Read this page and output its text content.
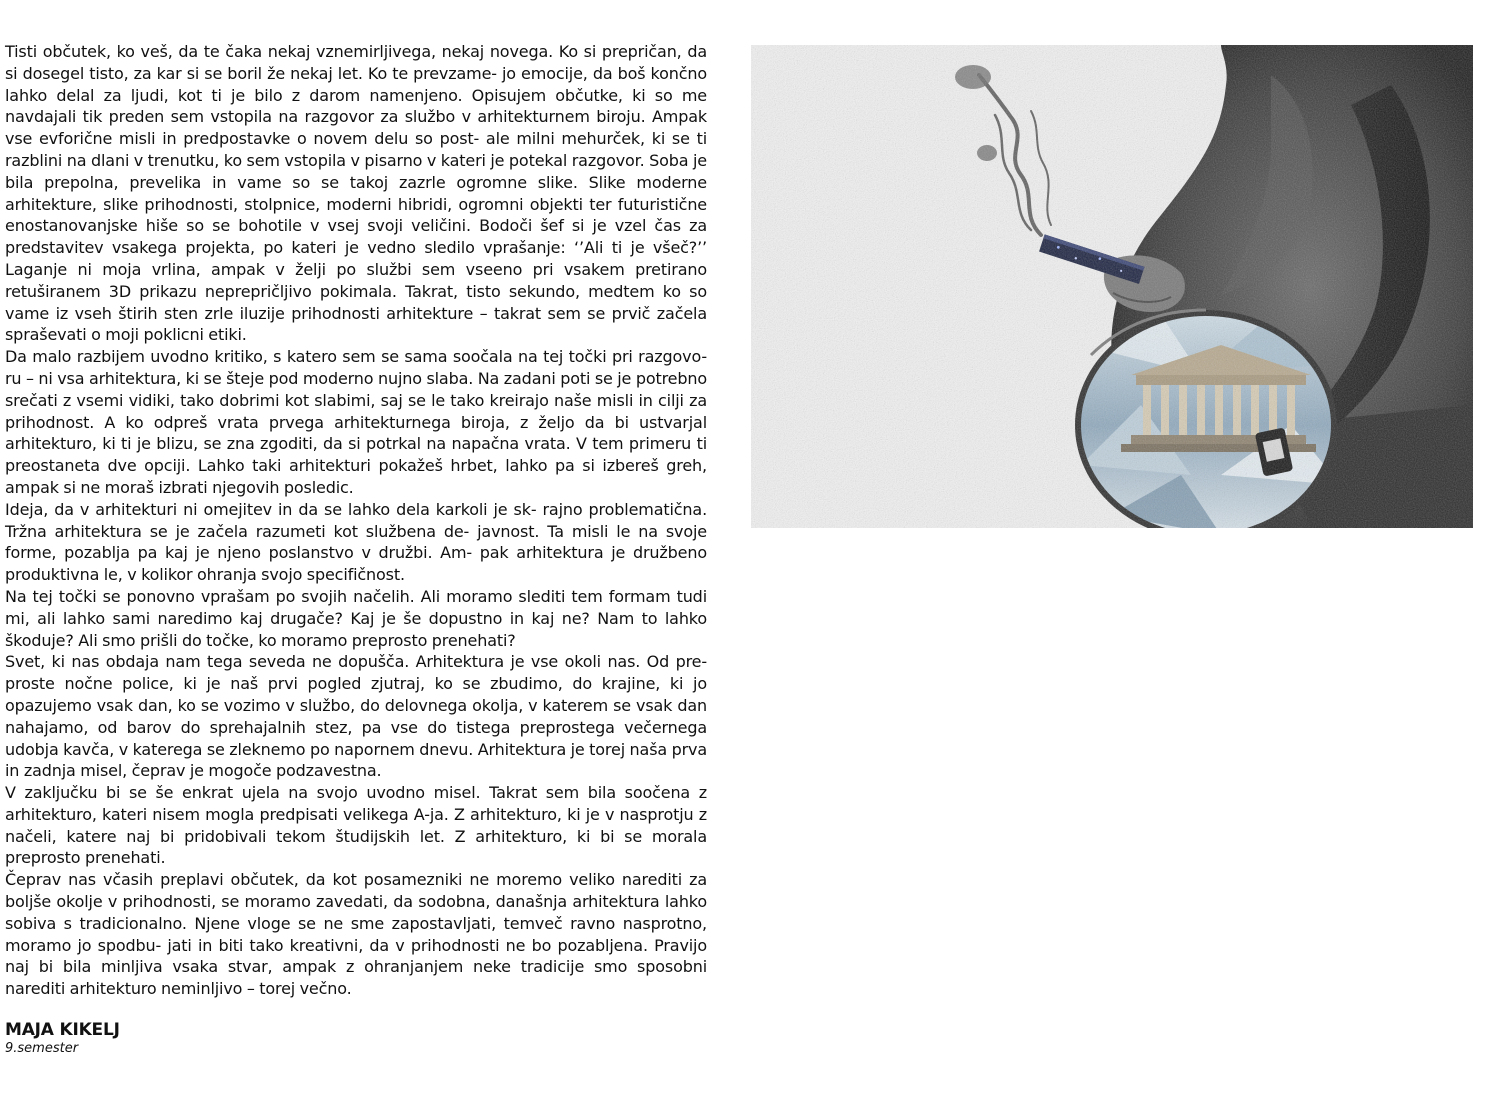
Tisti občutek, ko veš, da te čaka nekaj vznemirljivega, nekaj novega. Ko si prepričan, da si dosegel tisto, za kar si se boril že nekaj let. Ko te prevzame- jo emocije, da boš končno lahko delal za ljudi, kot ti je bilo z darom namenjeno. Opisujem občutke, ki so me navdajali tik preden sem vstopila na razgovor za službo v arhitekturnem biroju. Ampak vse evforične misli in predpostavke o novem delu so post- ale milni mehurček, ki se ti razblini na dlani v trenutku, ko sem vstopila v pisarno v kateri je potekal razgovor. Soba je bila prepolna, prevelika in vame so se takoj zazrle ogromne slike. Slike moderne arhitekture, slike prihodnosti, stolpnice, moderni hibridi, ogromni objekti ter futuristične enostanovanjske hiše so se bohotile v vsej svoji veličini. Bodoči šef si je vzel čas za predstavitev vsakega projekta, po kateri je vedno sledilo vprašanje: ‘’Ali ti je všeč?’’ Laganje ni moja vrlina, ampak v želji po službi sem vseeno pri vsakem pretirano retuširanem 3D prikazu neprepričljivo pokimala. Takrat, tisto sekundo, medtem ko so vame iz vseh štirih sten zrle iluzije prihodnosti arhitekture – takrat sem se prvič začela spraševati o moji poklicni etiki.

Da malo razbijem uvodno kritiko, s katero sem se sama soočala na tej točki pri razgovo- ru – ni vsa arhitektura, ki se šteje pod moderno nujno slaba. Na zadani poti se je potrebno srečati z vsemi vidiki, tako dobrimi kot slabimi, saj se le tako kreirajo naše misli in cilji za prihodnost. A ko odpreš vrata prvega arhitekturnega biroja, z željo da bi ustvarjal arhitekturo, ki ti je blizu, se zna zgoditi, da si potrkal na napačna vrata. V tem primeru ti preostaneta dve opciji. Lahko taki arhitekturi pokažeš hrbet, lahko pa si izbereš greh, ampak si ne moraš izbrati njegovih posledic.

Ideja, da v arhitekturi ni omejitev in da se lahko dela karkoli je sk- rajno problematična. Tržna arhitektura se je začela razumeti kot službena de- javnost. Ta misli le na svoje forme, pozablja pa kaj je njeno poslanstvo v družbi. Am- pak arhitektura je družbeno produktivna le, v kolikor ohranja svojo specifičnost.

Na tej točki se ponovno vprašam po svojih načelih. Ali moramo slediti tem formam tudi mi, ali lahko sami naredimo kaj drugače? Kaj je še dopustno in kaj ne? Nam to lahko škoduje? Ali smo prišli do točke, ko moramo preprosto prenehati?

Svet, ki nas obdaja nam tega seveda ne dopušča. Arhitektura je vse okoli nas. Od pre- proste nočne police, ki je naš prvi pogled zjutraj, ko se zbudimo, do krajine, ki jo opazujemo vsak dan, ko se vozimo v službo, do delovnega okolja, v katerem se vsak dan nahajamo, od barov do sprehajalnih stez, pa vse do tistega preprostega večernega udobja kavča, v katerega se zleknemo po napornem dnevu. Arhitektura je torej naša prva in zadnja misel, čeprav je mogoče podzavestna.

V zaključku bi se še enkrat ujela na svojo uvodno misel. Takrat sem bila soočena z arhitekturo, kateri nisem mogla predpisati velikega A-ja. Z arhitekturo, ki je v nasprotju z načeli, katere naj bi pridobivali tekom študijskih let. Z arhitekturo, ki bi se morala preprosto prenehati.

Čeprav nas včasih preplavi občutek, da kot posamezniki ne moremo veliko narediti za boljše okolje v prihodnosti, se moramo zavedati, da sodobna, današnja arhitektura lahko sobiva s tradicionalno. Njene vloge se ne sme zapostavljati, temveč ravno nasprotno, moramo jo spodbu- jati in biti tako kreativni, da v prihodnosti ne bo pozabljena. Pravijo naj bi bila minljiva vsaka stvar, ampak z ohranjanjem neke tradicije smo sposobni narediti arhitekturo neminljivo – torej večno.

MAJA KIKELJ
9.semester
